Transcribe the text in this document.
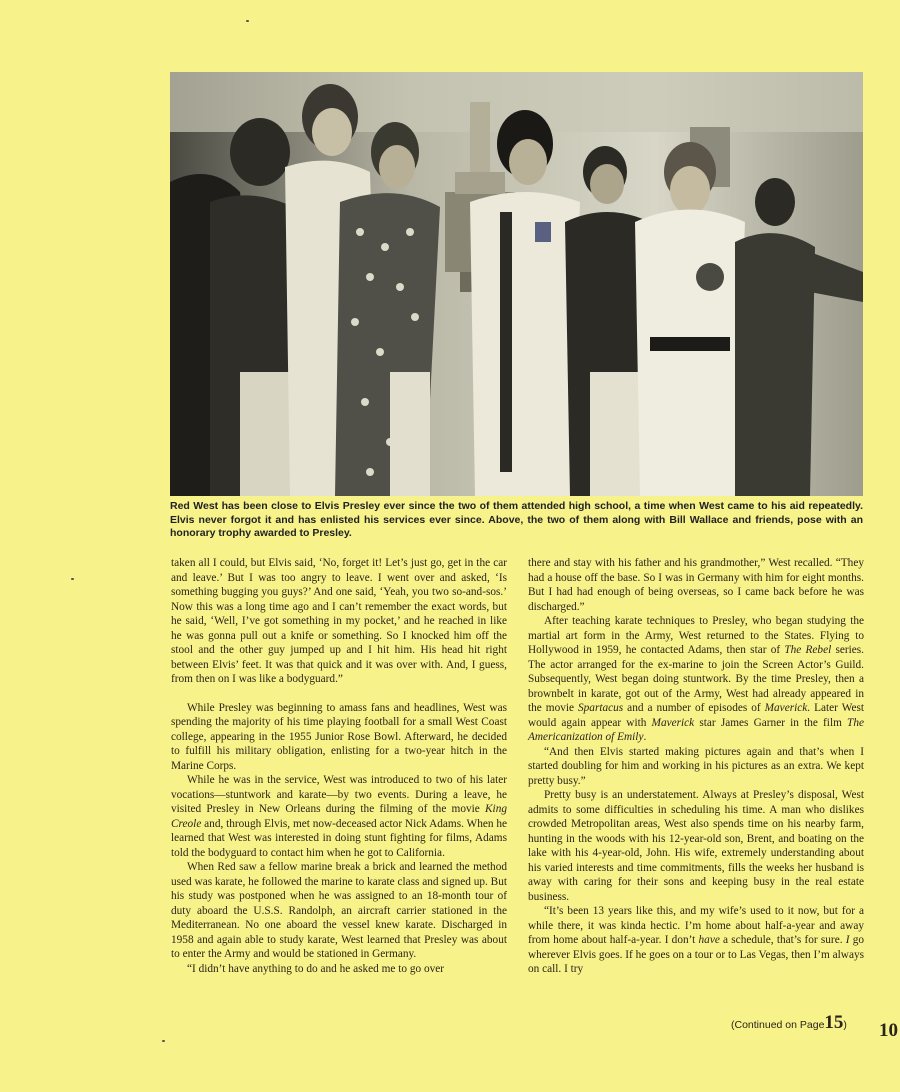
Red West has been close to Elvis Presley ever since the two of them attended high school, a time when West came to his aid repeatedly. Elvis never forgot it and has enlisted his services ever since. Above, the two of them along with Bill Wallace and friends, pose with an honorary trophy awarded to Presley.

taken all I could, but Elvis said, ‘No, forget it! Let’s just go, get in the car and leave.’ But I was too angry to leave. I went over and asked, ‘Is something bugging you guys?’ And one said, ‘Yeah, you two so-and-sos.’ Now this was a long time ago and I can’t remember the exact words, but he said, ‘Well, I’ve got something in my pocket,’ and he reached in like he was gonna pull out a knife or something. So I knocked him off the stool and the other guy jumped up and I hit him. His head hit right between Elvis’ feet. It was that quick and it was over with. And, I guess, from then on I was like a bodyguard.”

While Presley was beginning to amass fans and headlines, West was spending the majority of his time playing football for a small West Coast college, appearing in the 1955 Junior Rose Bowl. Afterward, he decided to fulfill his military obligation, enlisting for a two-year hitch in the Marine Corps.

While he was in the service, West was introduced to two of his later vocations—stuntwork and karate—by two events. During a leave, he visited Presley in New Orleans during the filming of the movie King Creole and, through Elvis, met now-deceased actor Nick Adams. When he learned that West was interested in doing stunt fighting for films, Adams told the bodyguard to contact him when he got to California.

When Red saw a fellow marine break a brick and learned the method used was karate, he followed the marine to karate class and signed up. But his study was postponed when he was assigned to an 18-month tour of duty aboard the U.S.S. Randolph, an aircraft carrier stationed in the Mediterranean. No one aboard the vessel knew karate. Discharged in 1958 and again able to study karate, West learned that Presley was about to enter the Army and would be stationed in Germany.

“I didn’t have anything to do and he asked me to go over

there and stay with his father and his grandmother,” West recalled. “They had a house off the base. So I was in Germany with him for eight months. But I had had enough of being overseas, so I came back before he was discharged.”

After teaching karate techniques to Presley, who began studying the martial art form in the Army, West returned to the States. Flying to Hollywood in 1959, he contacted Adams, then star of The Rebel series. The actor arranged for the ex-marine to join the Screen Actor’s Guild. Subsequently, West began doing stuntwork. By the time Presley, then a brownbelt in karate, got out of the Army, West had already appeared in the movie Spartacus and a number of episodes of Maverick. Later West would again appear with Maverick star James Garner in the film The Americanization of Emily.

“And then Elvis started making pictures again and that’s when I started doubling for him and working in his pictures as an extra. We kept pretty busy.”

Pretty busy is an understatement. Always at Presley’s disposal, West admits to some difficulties in scheduling his time. A man who dislikes crowded Metropolitan areas, West also spends time on his nearby farm, hunting in the woods with his 12-year-old son, Brent, and boating on the lake with his 4-year-old, John. His wife, extremely understanding about his varied interests and time commitments, fills the weeks her husband is away with caring for their sons and keeping busy in the real estate business.

“It’s been 13 years like this, and my wife’s used to it now, but for a while there, it was kinda hectic. I’m home about half-a-year and away from home about half-a-year. I don’t have a schedule, that’s for sure. I go wherever Elvis goes. If he goes on a tour or to Las Vegas, then I’m always on call. I try

(Continued on Page15) 10
